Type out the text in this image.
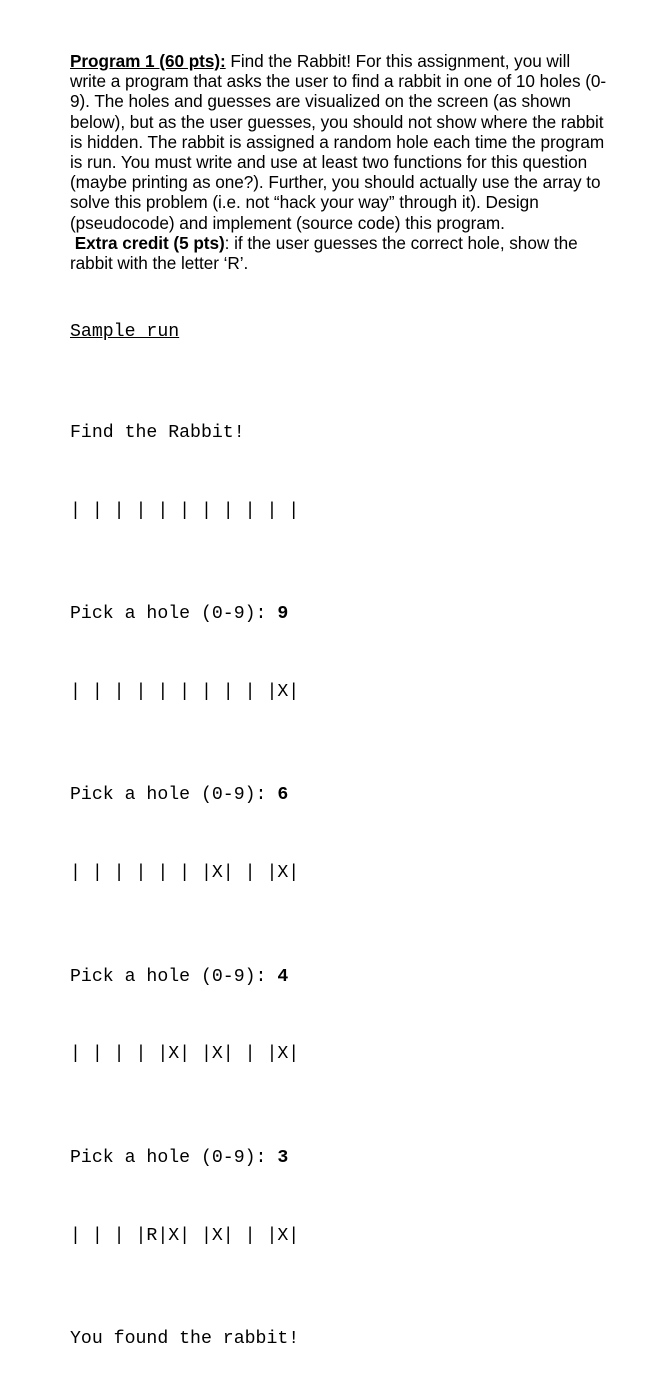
Program 1 (60 pts): Find the Rabbit! For this assignment, you will write a program that asks the user to find a rabbit in one of 10 holes (0-9). The holes and guesses are visualized on the screen (as shown below), but as the user guesses, you should not show where the rabbit is hidden. The rabbit is assigned a random hole each time the program is run. You must write and use at least two functions for this question (maybe printing as one?). Further, you should actually use the array to solve this problem (i.e. not “hack your way” through it). Design (pseudocode) and implement (source code) this program.

Extra credit (5 pts): if the user guesses the correct hole, show the rabbit with the letter ‘R’.

Sample run

Find the Rabbit!

| | | | | | | | | | |

Pick a hole (0-9): 9

| | | | | | | | | |X|

Pick a hole (0-9): 6

| | | | | | |X| | |X|

Pick a hole (0-9): 4

| | | | |X| |X| | |X|

Pick a hole (0-9): 3

| | | |R|X| |X| | |X|

You found the rabbit!
